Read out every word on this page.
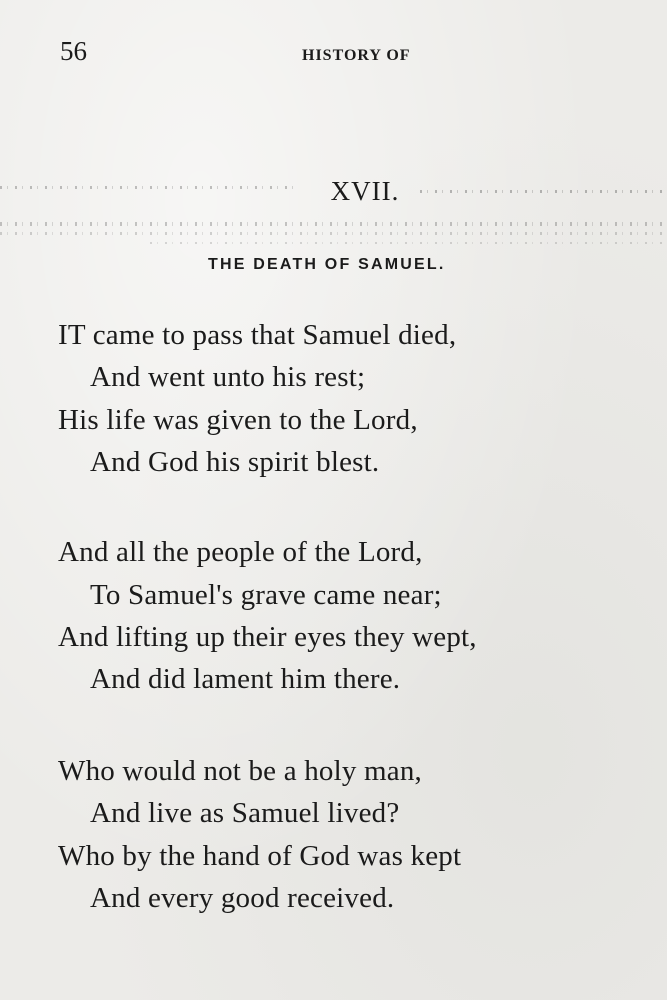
56	HISTORY OF
XVII.
THE DEATH OF SAMUEL.
IT came to pass that Samuel died,
And went unto his rest;
His life was given to the Lord,
And God his spirit blest.
And all the people of the Lord,
To Samuel's grave came near;
And lifting up their eyes they wept,
And did lament him there.
Who would not be a holy man,
And live as Samuel lived?
Who by the hand of God was kept
And every good received.
